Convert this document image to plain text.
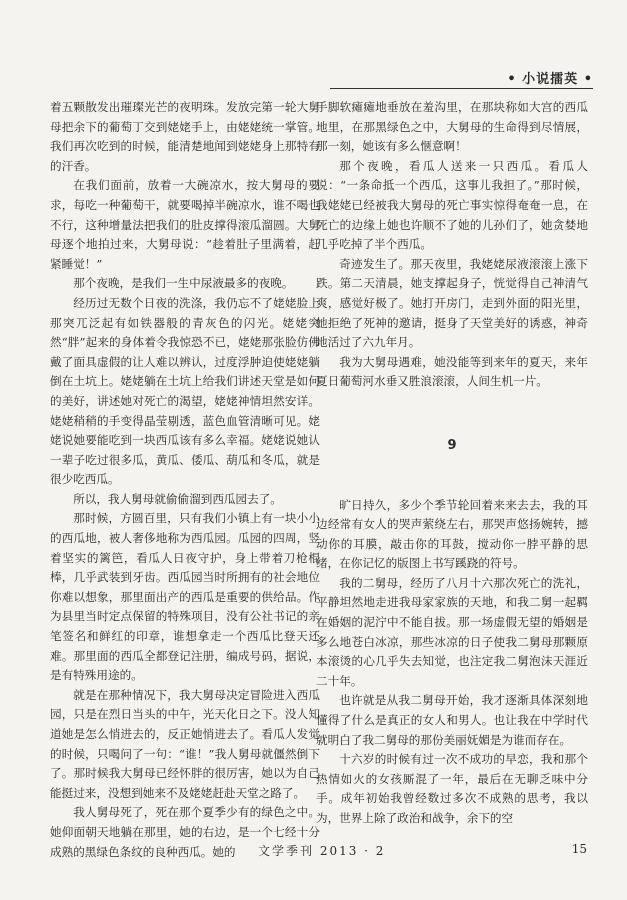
• 小说擂英 •

着五颗散发出璀璨光芒的夜明珠。发放完第一轮大舅母把余下的葡萄丁交到姥姥手上，由姥姥统一掌管。我们再次吃到的时候，能清楚地闻到姥姥身上那特有的汗香。

在我们面前，放着一大碗凉水，按大舅母的要求，每吃一种葡萄干，就要喝掉半碗凉水，谁不喝也不行，这种增量法把我们的肚皮撑得滚瓜溜圆。大舅母逐个地拍过来，大舅母说：“趁着肚子里满着，赶紧睡觉！”

那个夜晚，是我们一生中尿液最多的夜晚。

经历过无数个日夜的洗涤，我仍忘不了姥姥脸上那突兀泛起有如铁器般的青灰色的闪光。姥姥突然“胖”起来的身体着令我惊恐不已，姥姥那张脸仿佛戴了面具虚假的让人难以辨认，过度浮肿迫使姥姥躺倒在土坑上。姥姥躺在土坑上给我们讲述天堂是如何的美好，讲述她对死亡的渴望，姥姥神情坦然安详。姥姥稍稍的手变得晶莹剔透，蓝色血管清晰可见。姥姥说她要能吃到一块西瓜该有多么幸福。姥姥说她认一辈子吃过很多瓜，黄瓜、倭瓜、葫瓜和冬瓜，就是很少吃西瓜。

所以，我人舅母就偷偷溜到西瓜园去了。

那时候，方圆百里，只有我们小镇上有一块小小的西瓜地，被人奢侈地称为西瓜园。瓜园的四周，竖着坚实的篱笆，看瓜人日夜守护，身上带着刀枪棍棒，几乎武装到牙齿。西瓜园当时所拥有的社会地位你难以想象，那里面出产的西瓜是重要的供给品。作为县里当时定点保留的特殊项目，没有公社书记的亲笔签名和鲜红的印章，谁想拿走一个西瓜比登天还难。那里面的西瓜全都登记注册，编成号码，据说，是有特殊用途的。

就是在那种情况下，我大舅母决定冒险进入西瓜园，只是在烈日当头的中午，光天化日之下。没人知道她是怎么悄进去的，反正她悄进去了。看瓜人发觉的时候，只喝问了一句：“谁！”我人舅母就僵然倒下了。那时候我大舅母已经怀胖的很厉害，她以为自己能挺过来，没想到她来不及姥姥赶赴天堂之路了。

我人舅母死了，死在那个夏季少有的绿色之中。她仰面朝天地躺在那里，她的右边，是一个七经十分成熟的黑绿色条纹的良种西瓜。她的

手脚软瘫瘫地垂放在羞沟里，在那块称如大宫的西瓜地里，在那黑绿色之中，大舅母的生命得到尽情展，那一刻，她该有多么惬意啊！

那个夜晚，看瓜人送来一只西瓜。看瓜人说：“一条命抵一个西瓜，这事儿我担了。”那时候，我姥姥已经被我大舅母的死亡事实惊得奄奄一息，在死亡的边缘上她也许顺不了她的儿孙们了，她贪婪地几乎吃掉了半个西瓜。

奇迹发生了。那天夜里，我姥姥尿液滚滚上涨下跌。第二天清晨，她支撑起身子，恍觉得自己神清气爽，感觉好极了。她打开房门，走到外面的阳光里，她拒绝了死神的邀请，挺身了天堂美好的诱惑，神奇地活过了六九年月。

我为大舅母遇难，她没能等到来年的夏天，来年夏日葡萄河水垂又胜浪滚滚，人间生机一片。

9

旷日持久，多少个季节轮回着来来去去，我的耳边经常有女人的哭声萦绕左右，那哭声悠扬婉转，撼动你的耳膜，敲击你的耳鼓，搅动你一脖平静的思绪，在你记忆的版图上书写蹊跷的符号。

我的二舅母，经历了八月十六那次死亡的洗礼，平静坦然地走进我母家家族的天地，和我二舅一起羁在婚姻的泥泞中不能自拔。那一场虚假无望的婚姻是多么地苍白冰凉，那些冰凉的日子使我二舅母那颗原本滚烫的心几乎失去知觉，也注定我二舅泡沫天涯近二十年。

也许就是从我二舅母开始，我才逐渐具体深刻地懂得了什么是真正的女人和男人。也让我在中学时代就明白了我二舅母的那份美丽妩媚是为谁而存在。

十六岁的时候有过一次不成功的早恋，我和那个热情如火的女孩厮混了一年，最后在无聊乏味中分手。成年初始我曾经数过多次不成熟的思考，我以为，世界上除了政治和战争，余下的空

文学季刊 2013 · 2	15
